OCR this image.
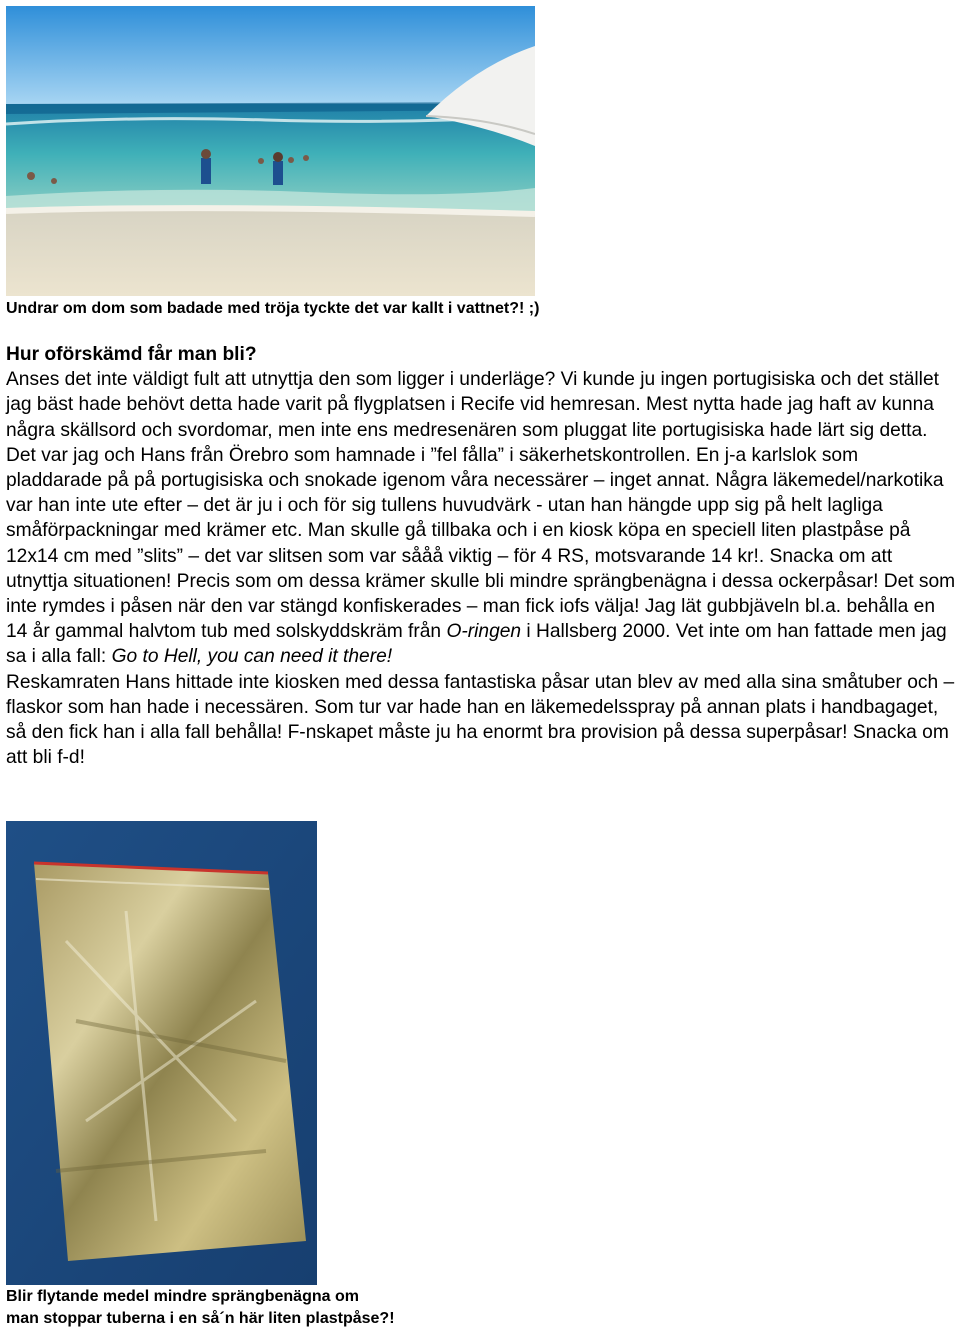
Undrar om dom som badade med tröja tyckte det var kallt i vattnet?! ;)

Hur oförskämd får man bli?

Anses det inte väldigt fult att utnyttja den som ligger i underläge? Vi kunde ju ingen portugisiska och det stället jag bäst hade behövt detta hade varit på flygplatsen i Recife vid hemresan. Mest nytta hade jag haft av kunna några skällsord och svordomar, men inte ens medresenären som pluggat lite portugisiska hade lärt sig detta.

Det var jag och Hans från Örebro som hamnade i ”fel fålla” i säkerhetskontrollen. En j-a karlslok som pladdarade på på portugisiska och snokade igenom våra necessärer – inget annat. Några läkemedel/narkotika var han inte ute efter – det är ju i och för sig tullens huvudvärk - utan han hängde upp sig på helt lagliga småförpackningar med krämer etc. Man skulle gå tillbaka och i en kiosk köpa en speciell liten plastpåse på 12x14 cm med ”slits” – det var slitsen som var sååå viktig – för 4 RS, motsvarande 14 kr!. Snacka om att utnyttja situationen! Precis som om dessa krämer skulle bli mindre sprängbenägna i dessa ockerpåsar! Det som inte rymdes i påsen när den var stängd konfiskerades – man fick iofs välja! Jag lät gubbjäveln bl.a. behålla en 14 år gammal halvtom tub med solskyddskräm från O-ringen i Hallsberg 2000. Vet inte om han fattade men jag sa i alla fall: Go to Hell, you can need it there!

Reskamraten Hans hittade inte kiosken med dessa fantastiska påsar utan blev av med alla sina småtuber och –flaskor som han hade i necessären. Som tur var hade han en läkemedelsspray på annan plats i handbagaget, så den fick han i alla fall behålla! F-nskapet måste ju ha enormt bra provision på dessa superpåsar! Snacka om att bli f-d!

Blir flytande medel mindre sprängbenägna om
man stoppar tuberna i en så´n här liten plastpåse?!
